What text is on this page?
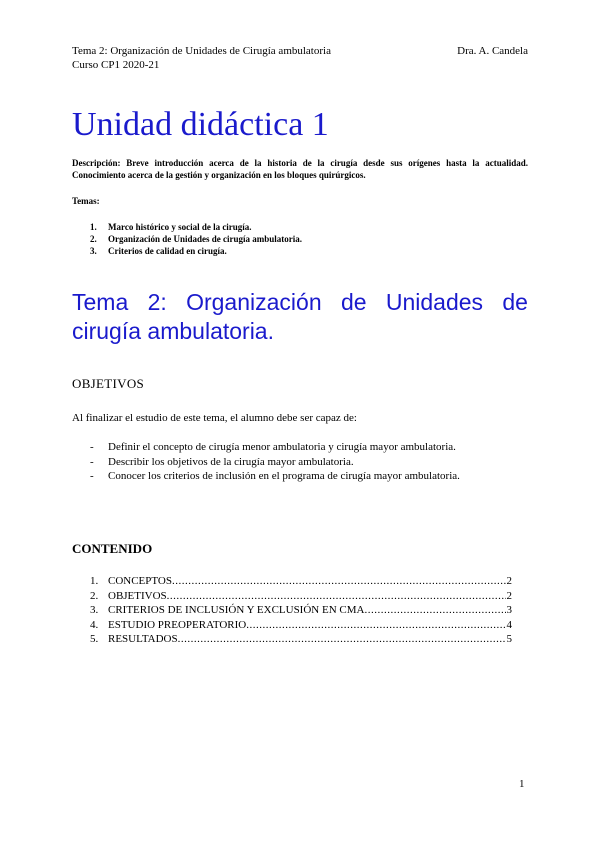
Tema 2: Organización de Unidades de Cirugía ambulatoria	Dra. A. Candela
Curso CP1 2020-21
Unidad didáctica 1
Descripción: Breve introducción acerca de la historia de la cirugía desde sus orígenes hasta la actualidad. Conocimiento acerca de la gestión y organización en los bloques quirúrgicos.
Temas:
1.	Marco histórico y social de la cirugía.
2.	Organización de Unidades de cirugía ambulatoria.
3.	Criterios de calidad en cirugía.
Tema 2: Organización de Unidades de
cirugía ambulatoria.
OBJETIVOS
Al finalizar el estudio de este tema, el alumno debe ser capaz de:
-	Definir el concepto de cirugía menor ambulatoria y cirugía mayor ambulatoria.
-	Describir los objetivos de la cirugía mayor ambulatoria.
-	Conocer los criterios de inclusión en el programa de cirugía mayor ambulatoria.
CONTENIDO
1. CONCEPTOS .....	2
2. OBJETIVOS .....	2
3. CRITERIOS DE INCLUSIÓN Y EXCLUSIÓN EN CMA .....	3
4. ESTUDIO PREOPERATORIO .....	4
5. RESULTADOS .....	5
1
